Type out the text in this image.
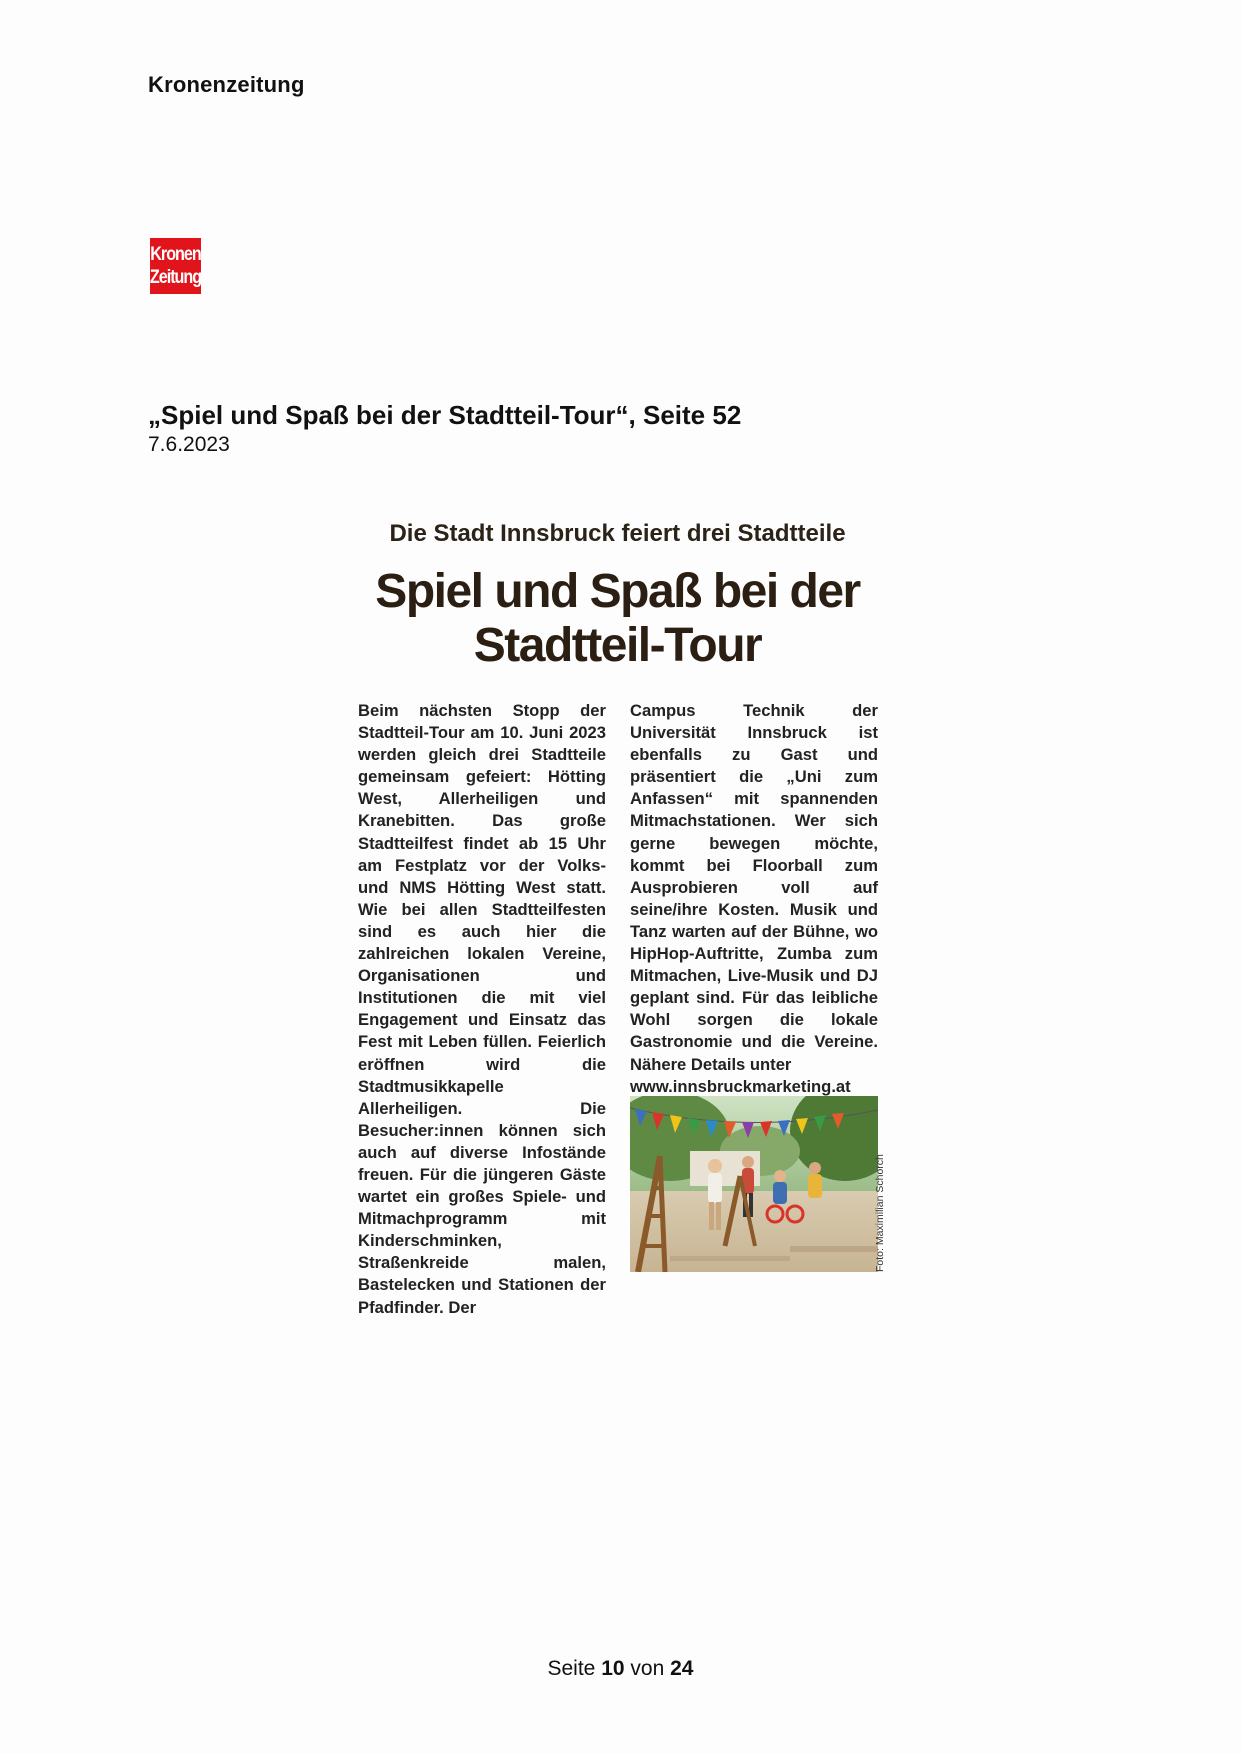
Kronenzeitung
Kronen
Zeitung
„Spiel und Spaß bei der Stadtteil-Tour“, Seite 52
7.6.2023
Die Stadt Innsbruck feiert drei Stadtteile
Spiel und Spaß bei der
Stadtteil-Tour

Beim nächsten Stopp der Stadtteil-Tour am 10. Juni 2023 werden gleich drei Stadtteile gemeinsam gefeiert: Hötting West, Allerheiligen und Kranebitten. Das große Stadtteilfest findet ab 15 Uhr am Festplatz vor der Volks- und NMS Hötting West statt. Wie bei allen Stadtteilfesten sind es auch hier die zahlreichen lokalen Vereine, Organisationen und Institutionen die mit viel Engagement und Einsatz das Fest mit Leben füllen. Feierlich eröffnen wird die Stadtmusikkapelle Allerheiligen. Die Besucher:innen können sich auch auf diverse Infostände freuen. Für die jüngeren Gäste wartet ein großes Spiele- und Mitmachprogramm mit Kinderschminken, Straßenkreide malen, Bastelecken und Stationen der Pfadfinder. Der

Campus Technik der Universität Innsbruck ist ebenfalls zu Gast und präsentiert die „Uni zum Anfassen“ mit spannenden Mitmachstationen. Wer sich gerne bewegen möchte, kommt bei Floorball zum Ausprobieren voll auf seine/ihre Kosten. Musik und Tanz warten auf der Bühne, wo HipHop-Auftritte, Zumba zum Mitmachen, Live-Musik und DJ geplant sind. Für das leibliche Wohl sorgen die lokale Gastronomie und die Vereine. Nähere Details unter

www.innsbruckmarketing.at

Foto: Maximilian Schorch
Seite 10 von 24
